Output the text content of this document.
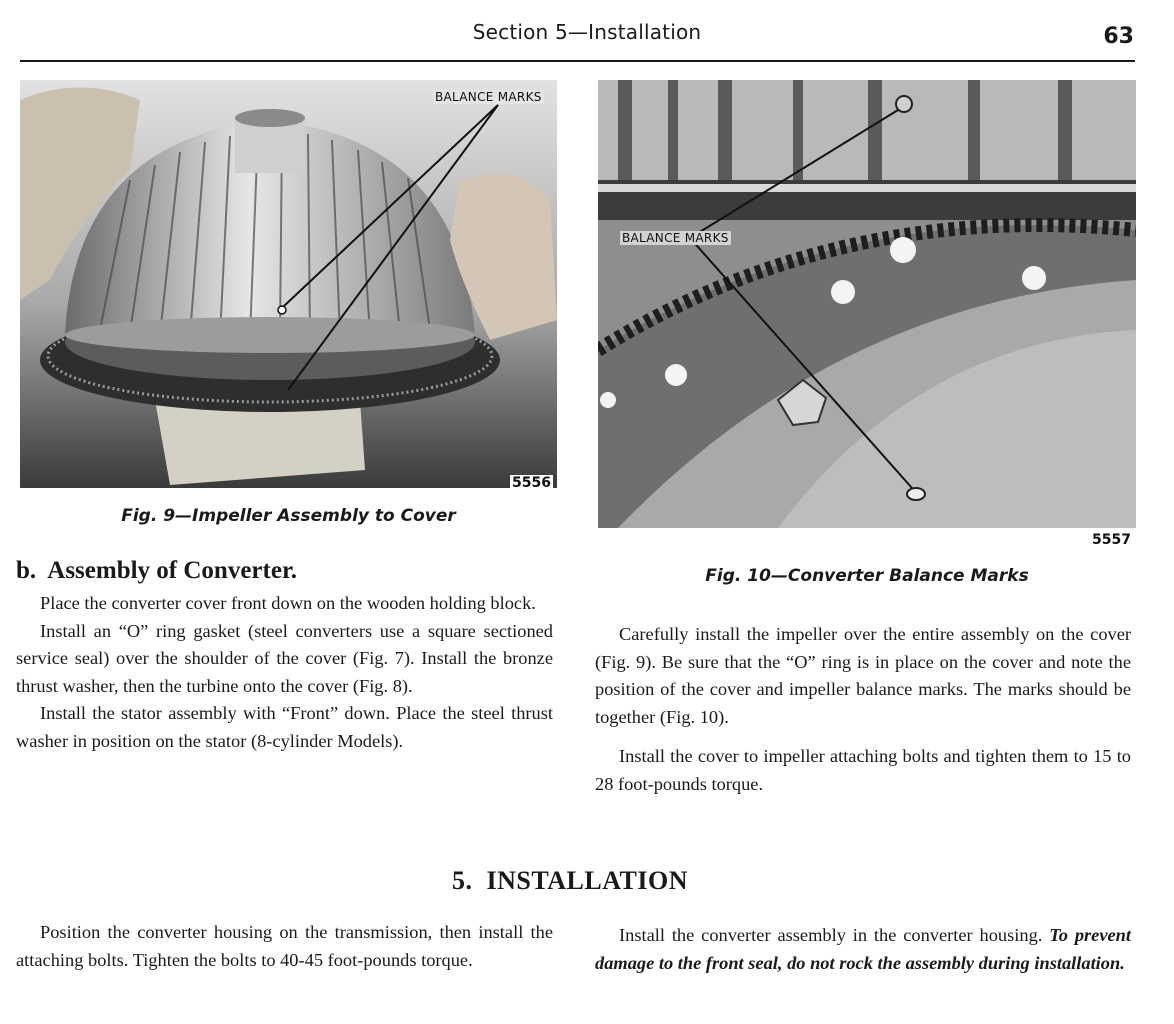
Section 5—Installation	63
BALANCE MARKS
5556
Fig. 9—Impeller Assembly to Cover
BALANCE MARKS
5557
Fig. 10—Converter Balance Marks
b.  Assembly of Converter.

Place the converter cover front down on the wooden holding block.

Install an “O” ring gasket (steel converters use a square sectioned service seal) over the shoulder of the cover (Fig. 7). Install the bronze thrust washer, then the turbine onto the cover (Fig. 8).

Install the stator assembly with “Front” down. Place the steel thrust washer in position on the stator (8-cylinder Models).

Carefully install the impeller over the entire assembly on the cover (Fig. 9). Be sure that the “O” ring is in place on the cover and note the position of the cover and impeller balance marks. The marks should be together (Fig. 10).

Install the cover to impeller attaching bolts and tighten them to 15 to 28 foot-pounds torque.

5.  INSTALLATION

Position the converter housing on the transmission, then install the attaching bolts. Tighten the bolts to 40-45 foot-pounds torque.

Install the converter assembly in the converter housing. To prevent damage to the front seal, do not rock the assembly during installation.
